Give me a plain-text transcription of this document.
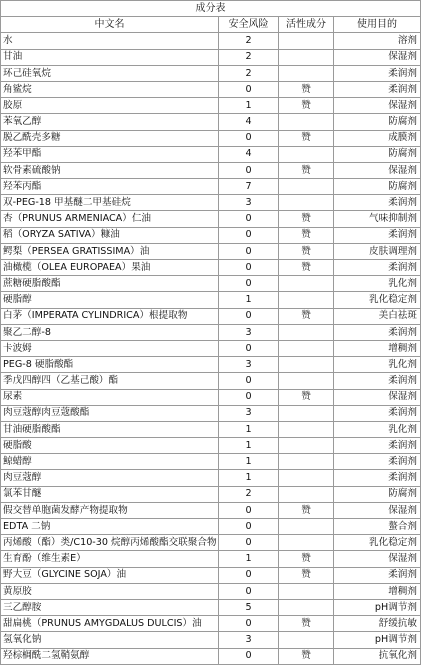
成分表			
中文名	安全风险	活性成分	使用目的
水	2		溶剂
甘油	2		保湿剂
环己硅氧烷	2		柔润剂
角鲨烷	0	赞	柔润剂
胶原	1	赞	保湿剂
苯氧乙醇	4		防腐剂
脱乙酰壳多糖	0	赞	成膜剂
羟苯甲酯	4		防腐剂
软骨素硫酸钠	0	赞	保湿剂
羟苯丙酯	7		防腐剂
双-PEG-18 甲基醚二甲基硅烷	3		柔润剂
杏（PRUNUS ARMENIACA）仁油	0	赞	气味抑制剂
稻（ORYZA SATIVA）糠油	0	赞	柔润剂
鳄梨（PERSEA GRATISSIMA）油	0	赞	皮肤调理剂
油橄榄（OLEA EUROPAEA）果油	0	赞	柔润剂
蔗糖硬脂酸酯	0		乳化剂
硬脂醇	1		乳化稳定剂
白茅（IMPERATA CYLINDRICA）根提取物	0	赞	美白祛斑
聚乙二醇-8	3		柔润剂
卡波姆	0		增稠剂
PEG-8 硬脂酸酯	3		乳化剂
季戊四醇四（乙基己酸）酯	0		柔润剂
尿素	0	赞	保湿剂
肉豆蔻醇肉豆蔻酸酯	3		柔润剂
甘油硬脂酸酯	1		乳化剂
硬脂酸	1		柔润剂
鲸蜡醇	1		柔润剂
肉豆蔻醇	1		柔润剂
氯苯甘醚	2		防腐剂
假交替单胞菌发酵产物提取物	0	赞	保湿剂
EDTA 二钠	0		螯合剂
丙烯酸（酯）类/C10-30 烷醇丙烯酸酯交联聚合物	0		乳化稳定剂
生育酚（维生素E）	1	赞	保湿剂
野大豆（GLYCINE SOJA）油	0	赞	柔润剂
黄原胶	0		增稠剂
三乙醇胺	5		pH调节剂
甜扁桃（PRUNUS AMYGDALUS DULCIS）油	0	赞	舒缓抗敏
氢氧化钠	3		pH调节剂
羟棕榈酰二氢鞘氨醇	0	赞	抗氧化剂
